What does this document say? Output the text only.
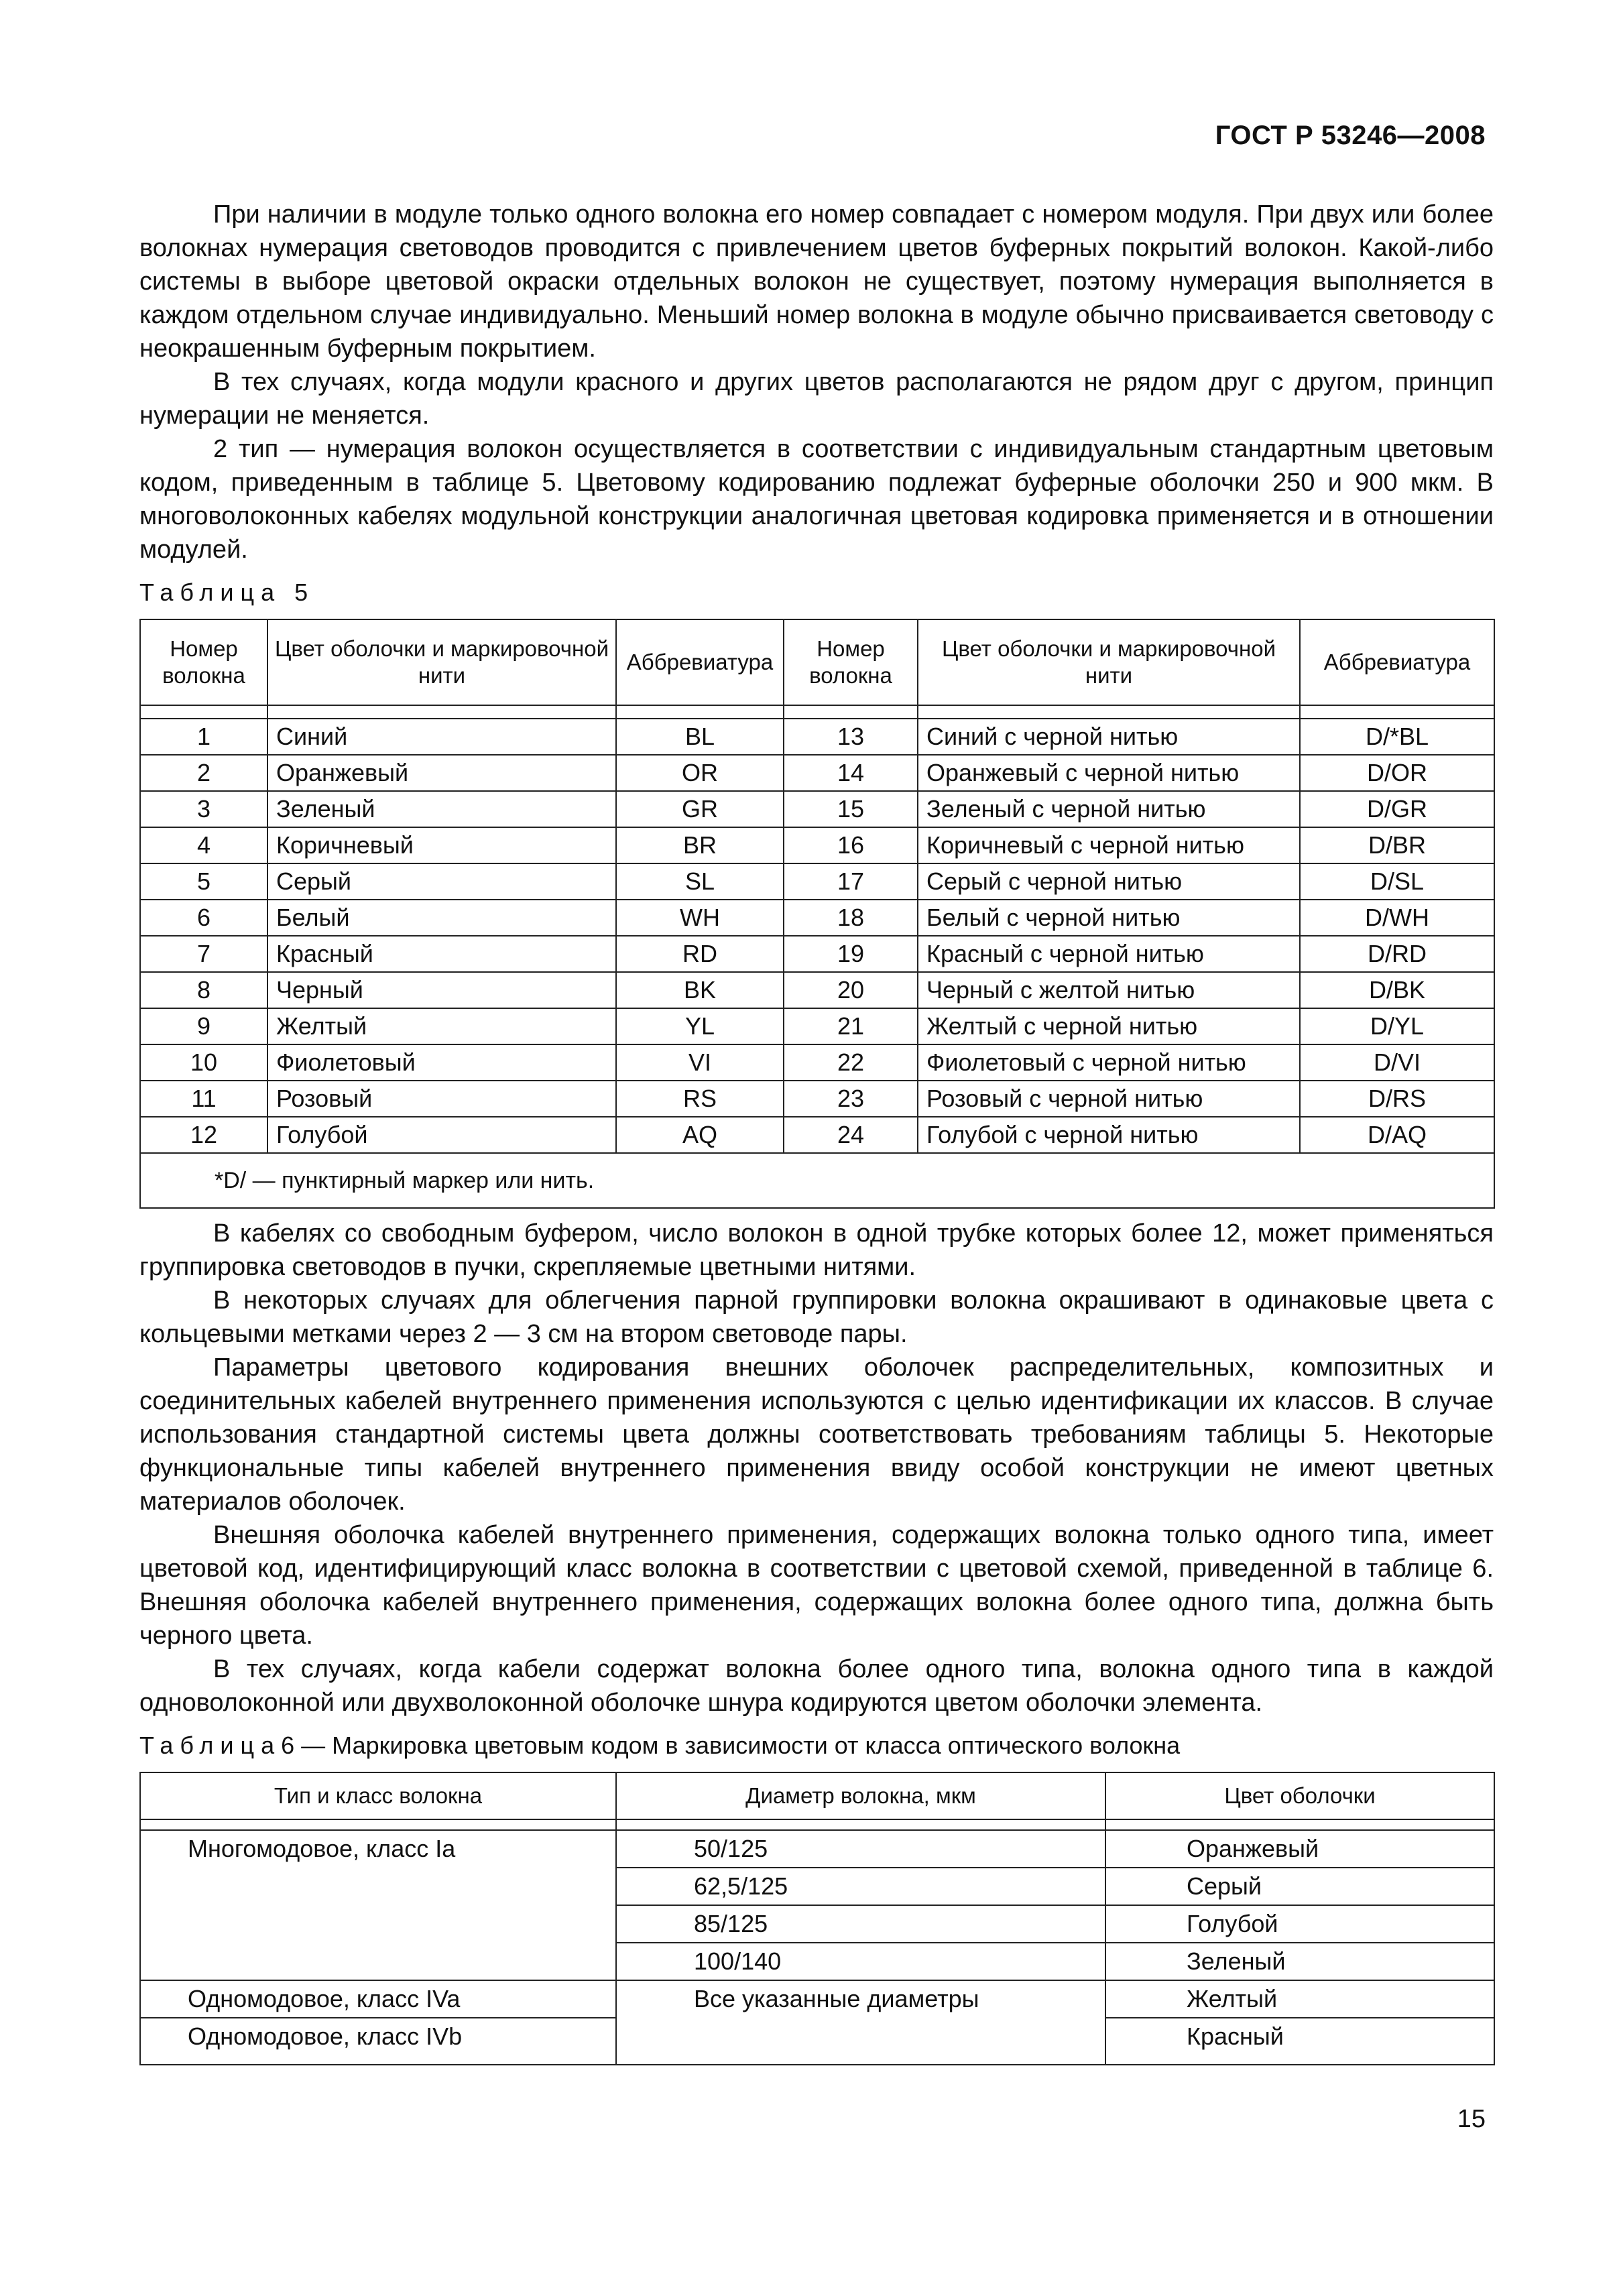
ГОСТ Р 53246—2008

При наличии в модуле только одного волокна его номер совпадает с номером модуля. При двух или более волокнах нумерация световодов проводится с привлечением цветов буферных покрытий волокон. Какой-либо системы в выборе цветовой окраски отдельных волокон не существует, поэтому нумерация выполняется в каждом отдельном случае индивидуально. Меньший номер волокна в модуле обычно присваивается световоду с неокрашенным буферным покрытием.

В тех случаях, когда модули красного и других цветов располагаются не рядом друг с другом, принцип нумерации не меняется.

2 тип — нумерация волокон осуществляется в соответствии с индивидуальным стандартным цветовым кодом, приведенным в таблице 5. Цветовому кодированию подлежат буферные оболочки 250 и 900 мкм. В многоволоконных кабелях модульной конструкции аналогичная цветовая кодировка применяется и в отношении модулей.

Таблица 5
Номер волокна	Цвет оболочки и маркировочной нити	Аббревиатура	Номер волокна	Цвет оболочки и маркировочной нити	Аббревиатура

1	Синий	BL	13	Синий с черной нитью	D/*BL
2	Оранжевый	OR	14	Оранжевый с черной нитью	D/OR
3	Зеленый	GR	15	Зеленый с черной нитью	D/GR
4	Коричневый	BR	16	Коричневый с черной нитью	D/BR
5	Серый	SL	17	Серый с черной нитью	D/SL
6	Белый	WH	18	Белый с черной нитью	D/WH
7	Красный	RD	19	Красный с черной нитью	D/RD
8	Черный	BK	20	Черный с желтой нитью	D/BK
9	Желтый	YL	21	Желтый с черной нитью	D/YL
10	Фиолетовый	VI	22	Фиолетовый с черной нитью	D/VI
11	Розовый	RS	23	Розовый с черной нитью	D/RS
12	Голубой	AQ	24	Голубой с черной нитью	D/AQ
*D/ — пунктирный маркер или нить.					

В кабелях со свободным буфером, число волокон в одной трубке которых более 12, может применяться группировка световодов в пучки, скрепляемые цветными нитями.

В некоторых случаях для облегчения парной группировки волокна окрашивают в одинаковые цвета с кольцевыми метками через 2 — 3 см на втором световоде пары.

Параметры цветового кодирования внешних оболочек распределительных, композитных и соединительных кабелей внутреннего применения используются с целью идентификации их классов. В случае использования стандартной системы цвета должны соответствовать требованиям таблицы 5. Некоторые функциональные типы кабелей внутреннего применения ввиду особой конструкции не имеют цветных материалов оболочек.

Внешняя оболочка кабелей внутреннего применения, содержащих волокна только одного типа, имеет цветовой код, идентифицирующий класс волокна в соответствии с цветовой схемой, приведенной в таблице 6. Внешняя оболочка кабелей внутреннего применения, содержащих волокна более одного типа, должна быть черного цвета.

В тех случаях, когда кабели содержат волокна более одного типа, волокна одного типа в каждой одноволоконной или двухволоконной оболочке шнура кодируются цветом оболочки элемента.

Таблица6 — Маркировка цветовым кодом в зависимости от класса оптического волокна
Тип и класс волокна	Диаметр волокна, мкм	Цвет оболочки

Многомодовое, класс Ia	50/125	Оранжевый
	62,5/125	Серый
	85/125	Голубой
	100/140	Зеленый
Одномодовое, класс IVa	Все указанные диаметры	Желтый
Одномодовое, класс IVb		Красный
15
